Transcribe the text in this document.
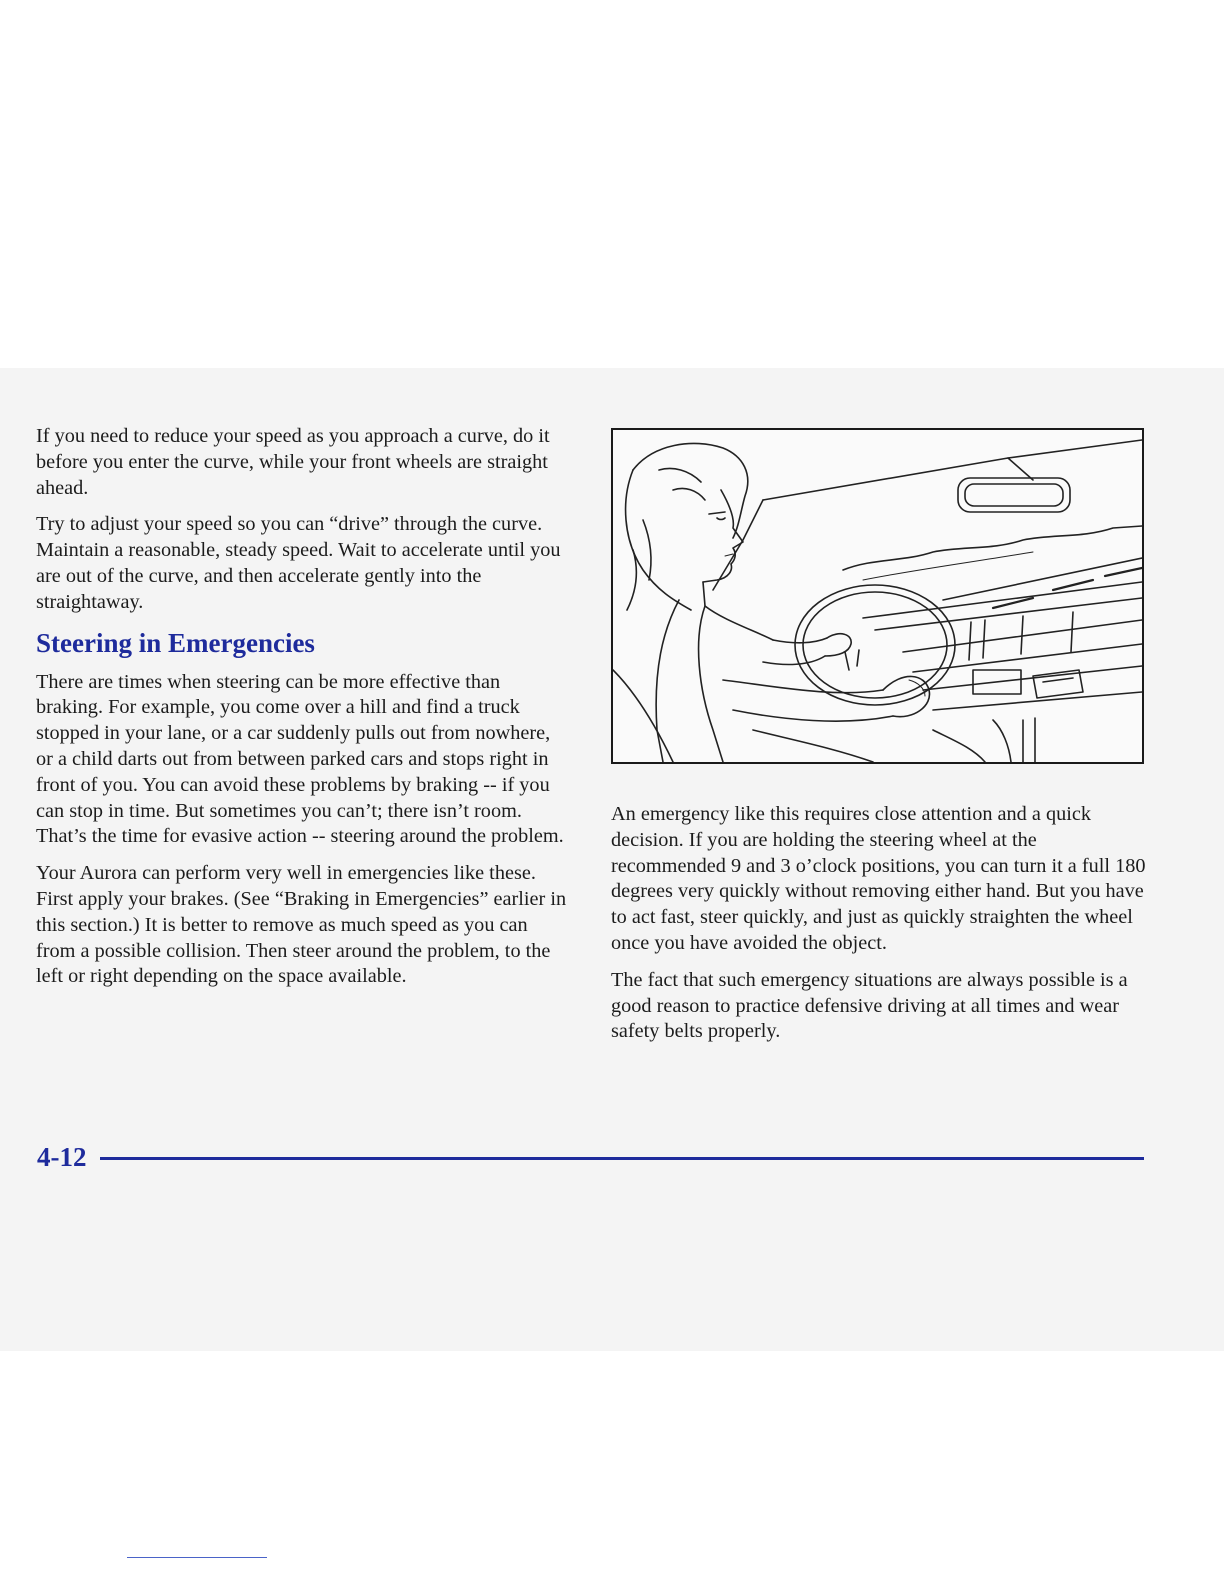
If you need to reduce your speed as you approach a curve, do it before you enter the curve, while your front wheels are straight ahead.

Try to adjust your speed so you can “drive” through the curve. Maintain a reasonable, steady speed. Wait to accelerate until you are out of the curve, and then accelerate gently into the straightaway.

Steering in Emergencies

There are times when steering can be more effective than braking. For example, you come over a hill and find a truck stopped in your lane, or a car suddenly pulls out from nowhere, or a child darts out from between parked cars and stops right in front of you. You can avoid these problems by braking -- if you can stop in time. But sometimes you can’t; there isn’t room. That’s the time for evasive action -- steering around the problem.

Your Aurora can perform very well in emergencies like these. First apply your brakes. (See “Braking in Emergencies” earlier in this section.) It is better to remove as much speed as you can from a possible collision. Then steer around the problem, to the left or right depending on the space available.

An emergency like this requires close attention and a quick decision. If you are holding the steering wheel at the recommended 9 and 3 o’clock positions, you can turn it a full 180 degrees very quickly without removing either hand. But you have to act fast, steer quickly, and just as quickly straighten the wheel once you have avoided the object.

The fact that such emergency situations are always possible is a good reason to practice defensive driving at all times and wear safety belts properly.

4-12
